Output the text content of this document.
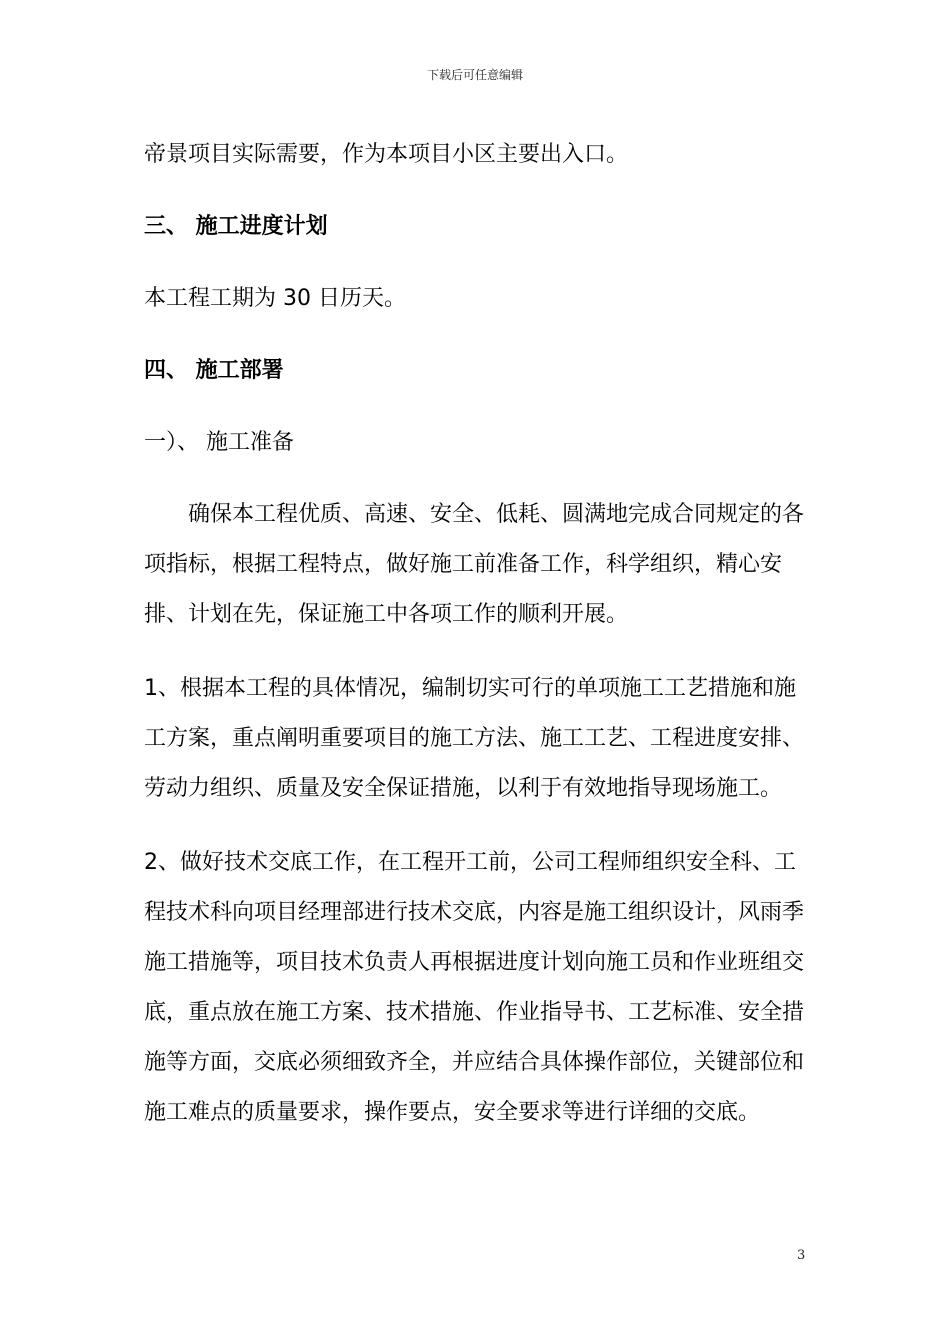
下载后可任意编辑

帝景项目实际需要，作为本项目小区主要出入口。

三、 施工进度计划

本工程工期为 30 日历天。

四、 施工部署

一）、 施工准备

确保本工程优质、高速、安全、低耗、圆满地完成合同规定的各项指标，根据工程特点，做好施工前准备工作，科学组织，精心安排、计划在先，保证施工中各项工作的顺利开展。

1、根据本工程的具体情况，编制切实可行的单项施工工艺措施和施工方案，重点阐明重要项目的施工方法、施工工艺、工程进度安排、劳动力组织、质量及安全保证措施，以利于有效地指导现场施工。

2、做好技术交底工作，在工程开工前，公司工程师组织安全科、工程技术科向项目经理部进行技术交底，内容是施工组织设计，风雨季施工措施等，项目技术负责人再根据进度计划向施工员和作业班组交底，重点放在施工方案、技术措施、作业指导书、工艺标准、安全措施等方面，交底必须细致齐全，并应结合具体操作部位，关键部位和施工难点的质量要求，操作要点，安全要求等进行详细的交底。

3
